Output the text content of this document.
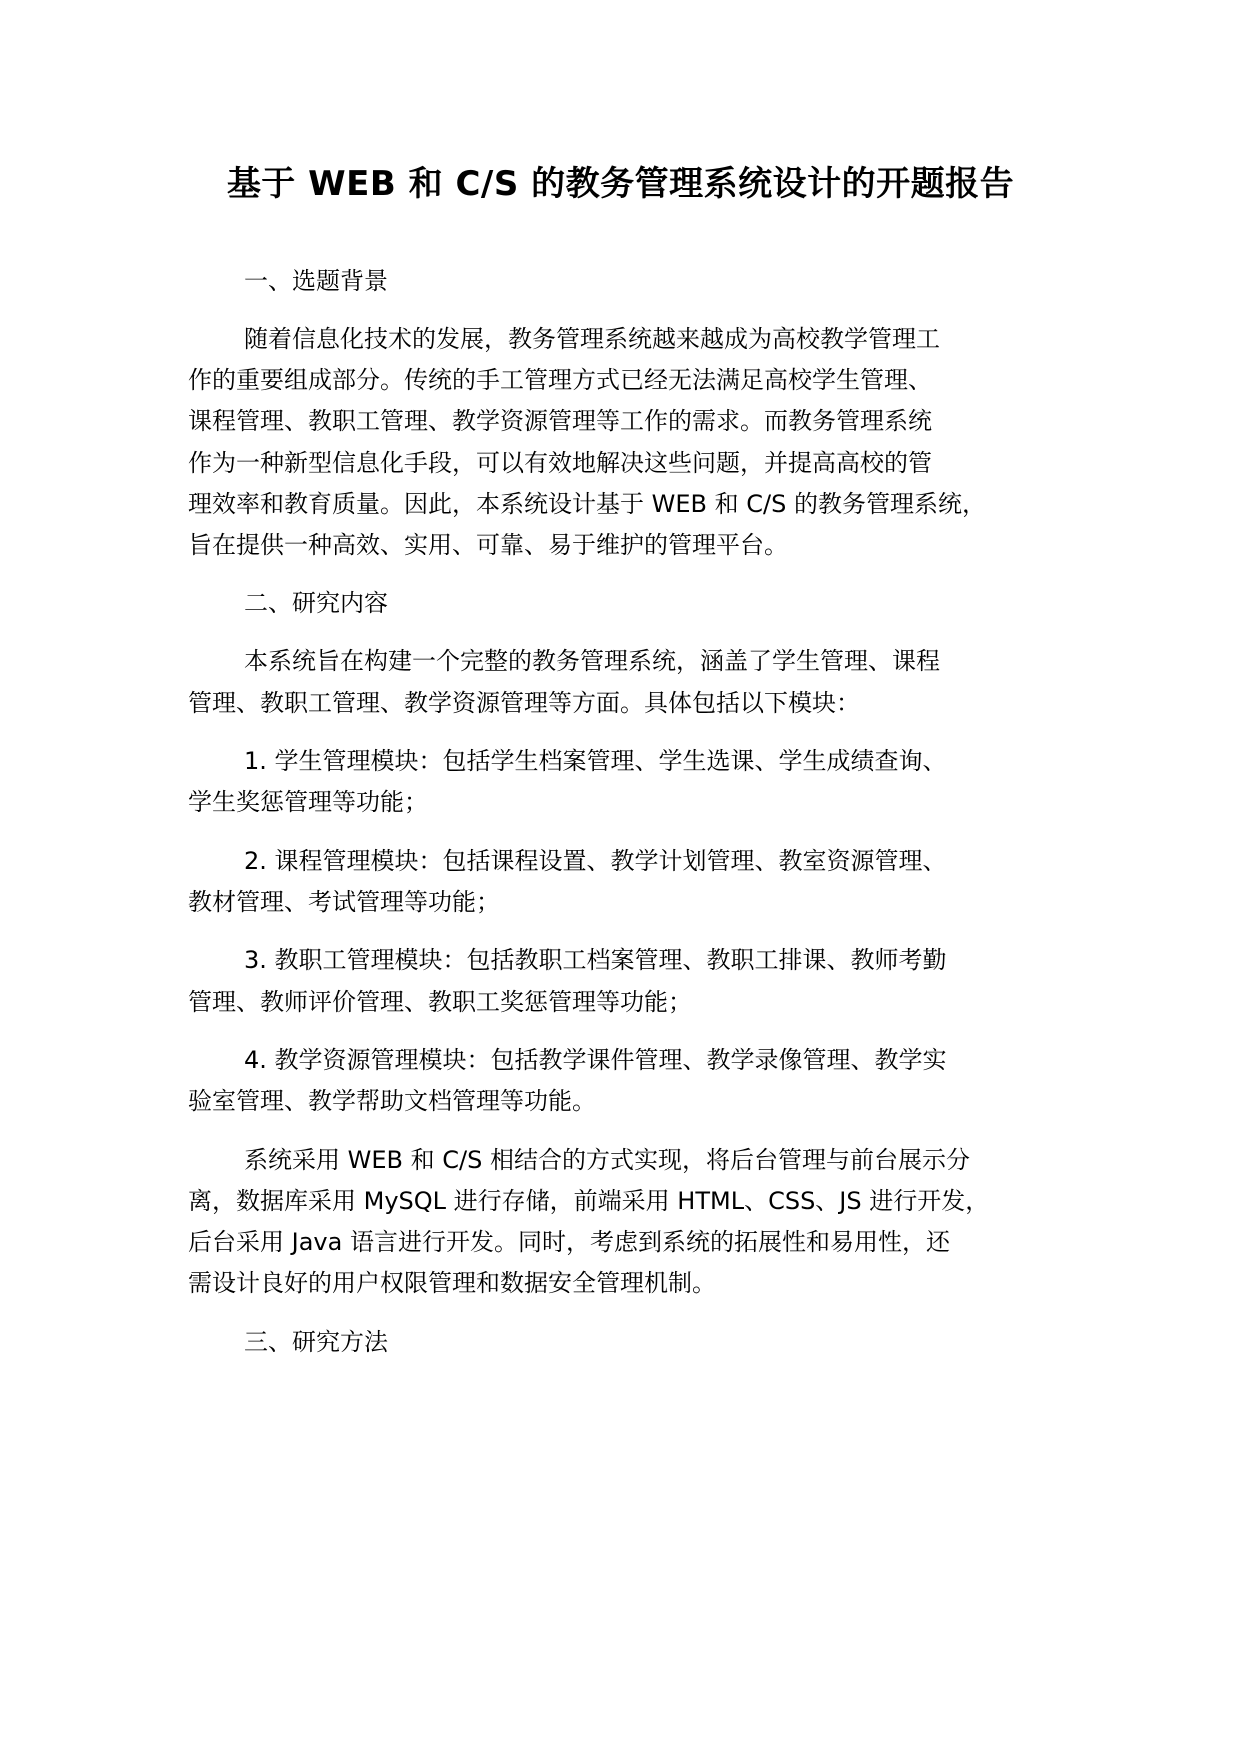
基于 WEB 和 C/S 的教务管理系统设计的开题报告
一、选题背景
随着信息化技术的发展，教务管理系统越来越成为高校教学管理工
作的重要组成部分。传统的手工管理方式已经无法满足高校学生管理、
课程管理、教职工管理、教学资源管理等工作的需求。而教务管理系统
作为一种新型信息化手段，可以有效地解决这些问题，并提高高校的管
理效率和教育质量。因此，本系统设计基于 WEB 和 C/S 的教务管理系统，
旨在提供一种高效、实用、可靠、易于维护的管理平台。
二、研究内容
本系统旨在构建一个完整的教务管理系统，涵盖了学生管理、课程
管理、教职工管理、教学资源管理等方面。具体包括以下模块：
1. 学生管理模块：包括学生档案管理、学生选课、学生成绩查询、
学生奖惩管理等功能；
2. 课程管理模块：包括课程设置、教学计划管理、教室资源管理、
教材管理、考试管理等功能；
3. 教职工管理模块：包括教职工档案管理、教职工排课、教师考勤
管理、教师评价管理、教职工奖惩管理等功能；
4. 教学资源管理模块：包括教学课件管理、教学录像管理、教学实
验室管理、教学帮助文档管理等功能。
系统采用 WEB 和 C/S 相结合的方式实现，将后台管理与前台展示分
离，数据库采用 MySQL 进行存储，前端采用 HTML、CSS、JS 进行开发，
后台采用 Java 语言进行开发。同时，考虑到系统的拓展性和易用性，还
需设计良好的用户权限管理和数据安全管理机制。
三、研究方法
